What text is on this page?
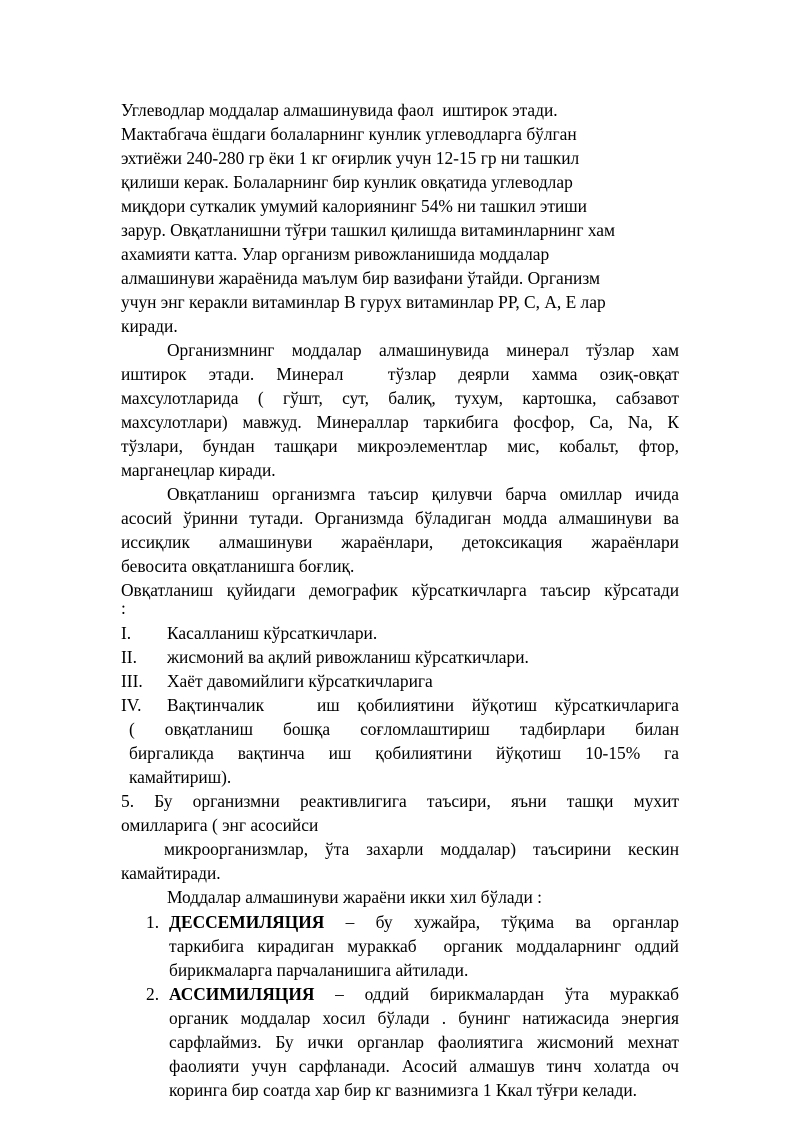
Углеводлар моддалар алмашинувида фаол  иштирок этади.
Мактабгача ёшдаги болаларнинг кунлик углеводларга бўлган
эхтиёжи 240-280 гр ёки 1 кг оғирлик учун 12-15 гр ни ташкил
қилиши керак. Болаларнинг бир кунлик овқатида углеводлар
миқдори суткалик умумий калориянинг 54% ни ташкил этиши
зарур. Овқатланишни тўғри ташкил қилишда витаминларнинг хам
ахамияти катта. Улар организм ривожланишида моддалар
алмашинуви жараёнида маълум бир вазифани ўтайди. Организм
учун энг керакли витаминлар В гурух витаминлар РР, С, А, Е лар
киради.
Организмнинг моддалар алмашинувида минерал тўзлар хам
иштирок этади. Минерал  тўзлар деярли хамма озиқ-овқат
махсулотларида ( гўшт, сут, балиқ, тухум, картошка, сабзавот
махсулотлари) мавжуд. Минераллар таркибига фосфор, Са, Nа, К
тўзлари, бундан ташқари микроэлементлар мис, кобальт, фтор,
марганецлар киради.
Овқатланиш организмга таъсир қилувчи барча омиллар ичида
асосий ўринни тутади. Организмда бўладиган модда алмашинуви ва
иссиқлик алмашинуви жараёнлари, детоксикация жараёнлари
бевосита овқатланишга боғлиқ.
Овқатланиш қуйидаги демографик кўрсаткичларга таъсир кўрсатади
:
I. Касалланиш кўрсаткичлари.
II. жисмоний ва ақлий ривожланиш кўрсаткичлари.
III. Хаёт давомийлиги кўрсаткичларига
IV. Вақтинчалик   иш қобилиятини йўқотиш кўрсаткичларига
( овқатланиш бошқа соғломлаштириш тадбирлари билан
биргаликда вақтинча иш қобилиятини йўқотиш 10-15% га
камайтириш).
5. Бу организмни реактивлигига таъсири, яъни ташқи мухит
омилларига ( энг асосийси
микроорганизмлар, ўта захарли моддалар) таъсирини кескин
камайтиради.
Моддалар алмашинуви жараёни икки хил бўлади :
1. ДЕССЕМИЛЯЦИЯ – бу хужайра, тўқима ва органлар
таркибига кирадиган мураккаб  органик моддаларнинг оддий
бирикмаларга парчаланишига айтилади.
2. АССИМИЛЯЦИЯ – оддий бирикмалардан ўта мураккаб
органик моддалар хосил бўлади . бунинг натижасида энергия
сарфлаймиз. Бу ички органлар фаолиятига жисмоний мехнат
фаолияти учун сарфланади. Асосий алмашув тинч холатда оч
коринга бир соатда хар бир кг вазнимизга 1 Ккал тўғри келади.
